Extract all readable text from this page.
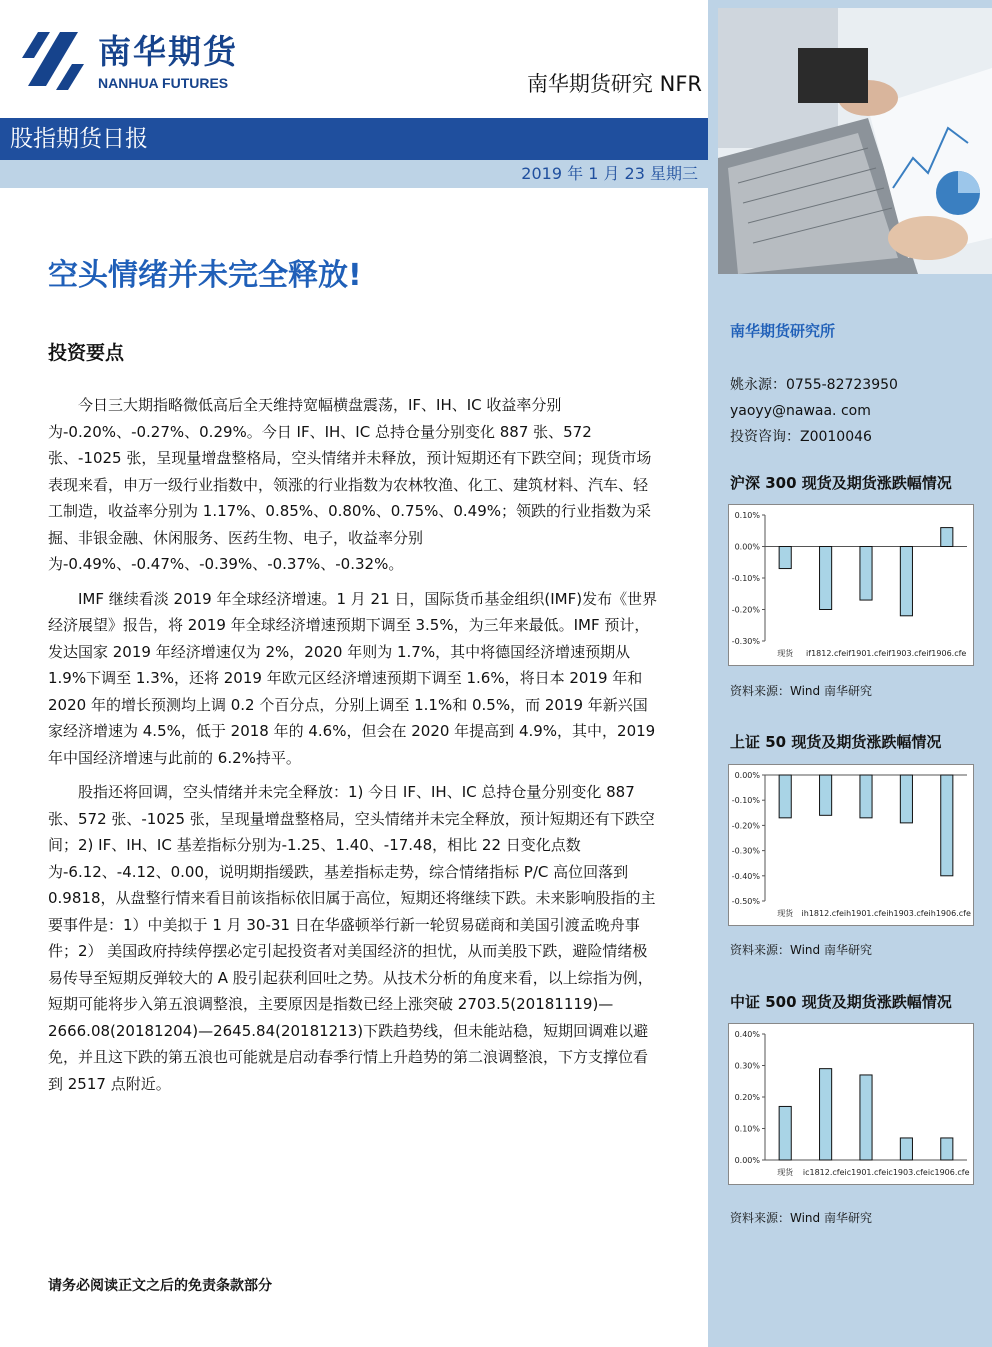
南华期货
NANHUA FUTURES	南华期货研究 NFR
股指期货日报
2019 年 1 月 23 星期三
空头情绪并未完全释放!
投资要点

今日三大期指略微低高后全天维持宽幅横盘震荡，IF、IH、IC 收益率分别为-0.20%、-0.27%、0.29%。今日 IF、IH、IC 总持仓量分别变化 887 张、572 张、-1025 张，呈现量增盘整格局，空头情绪并未释放，预计短期还有下跌空间；现货市场表现来看，申万一级行业指数中，领涨的行业指数为农林牧渔、化工、建筑材料、汽车、轻工制造，收益率分别为 1.17%、0.85%、0.80%、0.75%、0.49%；领跌的行业指数为采掘、非银金融、休闲服务、医药生物、电子，收益率分别为-0.49%、-0.47%、-0.39%、-0.37%、-0.32%。

IMF 继续看淡 2019 年全球经济增速。1 月 21 日，国际货币基金组织(IMF)发布《世界经济展望》报告，将 2019 年全球经济增速预期下调至 3.5%，为三年来最低。IMF 预计，发达国家 2019 年经济增速仅为 2%，2020 年则为 1.7%，其中将德国经济增速预期从 1.9%下调至 1.3%，还将 2019 年欧元区经济增速预期下调至 1.6%，将日本 2019 年和 2020 年的增长预测均上调 0.2 个百分点，分别上调至 1.1%和 0.5%，而 2019 年新兴国家经济增速为 4.5%，低于 2018 年的 4.6%，但会在 2020 年提高到 4.9%，其中，2019 年中国经济增速与此前的 6.2%持平。

股指还将回调，空头情绪并未完全释放：1) 今日 IF、IH、IC 总持仓量分别变化 887 张、572 张、-1025 张，呈现量增盘整格局，空头情绪并未完全释放，预计短期还有下跌空间；2) IF、IH、IC 基差指标分别为-1.25、1.40、-17.48，相比 22 日变化点数为-6.12、-4.12、0.00，说明期指缓跌，基差指标走势，综合情绪指标 P/C 高位回落到 0.9818，从盘整行情来看目前该指标依旧属于高位，短期还将继续下跌。未来影响股指的主要事件是：1）中美拟于 1 月 30-31 日在华盛顿举行新一轮贸易磋商和美国引渡孟晚舟事件；2） 美国政府持续停摆必定引起投资者对美国经济的担忧，从而美股下跌，避险情绪极易传导至短期反弹较大的 A 股引起获利回吐之势。从技术分析的角度来看，以上综指为例，短期可能将步入第五浪调整浪，主要原因是指数已经上涨突破 2703.5(20181119)—2666.08(20181204)—2645.84(20181213)下跌趋势线，但未能站稳，短期回调难以避免，并且这下跌的第五浪也可能就是启动春季行情上升趋势的第二浪调整浪，下方支撑位看到 2517 点附近。

请务必阅读正文之后的免责条款部分
南华期货研究所
姚永源：0755-82723950
yaoyy@nawaa. com
投资咨询：Z0010046
沪深 300 现货及期货涨跌幅情况
0.10%
0.00%
-0.10%
-0.20%
-0.30%
现货 if1812.cfeif1901.cfeif1903.cfeif1906.cfe
资料来源：Wind 南华研究
上证 50 现货及期货涨跌幅情况
0.00%
-0.10%
-0.20%
-0.30%
-0.40%
-0.50%
现货 ih1812.cfeih1901.cfeih1903.cfeih1906.cfe
资料来源：Wind 南华研究
中证 500 现货及期货涨跌幅情况
0.40%
0.30%
0.20%
0.10%
0.00%
现货 ic1812.cfeic1901.cfeic1903.cfeic1906.cfe
资料来源：Wind 南华研究
